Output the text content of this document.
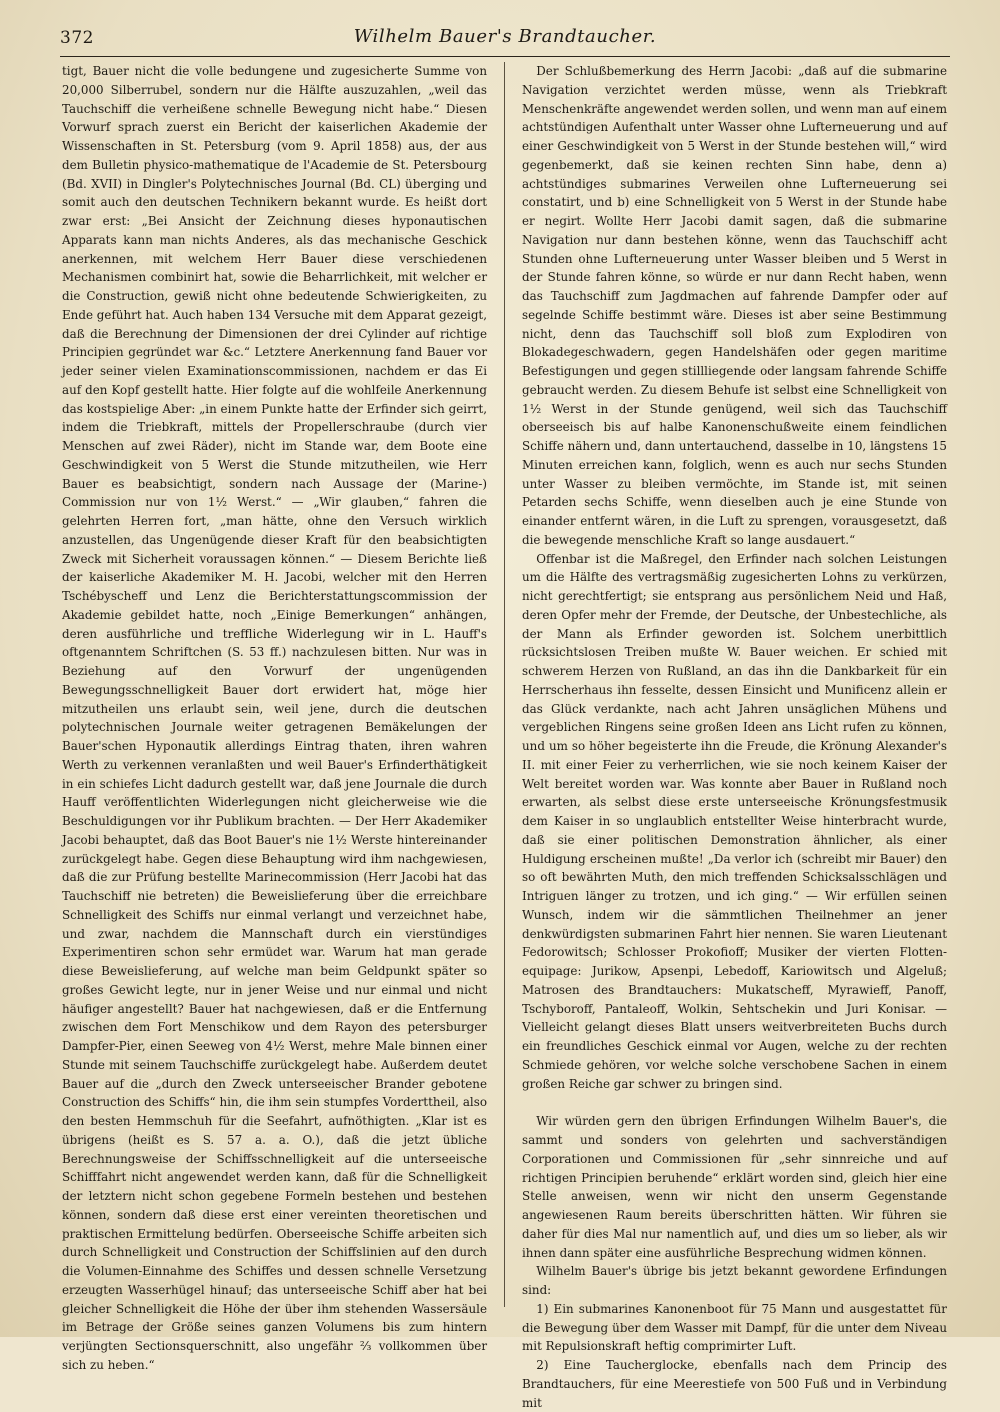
372	Wilhelm Bauer's Brandtaucher.

tigt, Bauer nicht die volle bedungene und zugesicherte Summe von 20,000 Silberrubel, sondern nur die Hälfte auszuzahlen, „weil das Tauchschiff die verheißene schnelle Bewegung nicht habe.“ Diesen Vorwurf sprach zuerst ein Bericht der kaiserlichen Akademie der Wissenschaften in St. Petersburg (vom 9. April 1858) aus, der aus dem Bulletin physico-mathematique de l'Academie de St. Petersbourg (Bd. XVII) in Dingler's Polytechnisches Journal (Bd. CL) überging und somit auch den deutschen Technikern bekannt wurde. Es heißt dort zwar erst: „Bei Ansicht der Zeichnung dieses hyponautischen Apparats kann man nichts Anderes, als das mechanische Geschick anerkennen, mit welchem Herr Bauer diese verschiedenen Mechanismen combinirt hat, sowie die Beharrlichkeit, mit welcher er die Construction, gewiß nicht ohne bedeutende Schwierigkeiten, zu Ende geführt hat. Auch haben 134 Versuche mit dem Apparat gezeigt, daß die Berechnung der Dimensionen der drei Cylinder auf richtige Principien gegründet war &c.“ Letztere Anerkennung fand Bauer vor jeder seiner vielen Examinationscommissionen, nachdem er das Ei auf den Kopf gestellt hatte. Hier folgte auf die wohlfeile Anerkennung das kostspielige Aber: „in einem Punkte hatte der Erfinder sich geirrt, indem die Triebkraft, mittels der Propellerschraube (durch vier Menschen auf zwei Räder), nicht im Stande war, dem Boote eine Geschwindigkeit von 5 Werst die Stunde mitzutheilen, wie Herr Bauer es beabsichtigt, sondern nach Aussage der (Marine-) Commission nur von 1½ Werst.“ — „Wir glauben,“ fahren die gelehrten Herren fort, „man hätte, ohne den Versuch wirklich anzustellen, das Ungenügende dieser Kraft für den beabsichtigten Zweck mit Sicherheit voraussagen können.“ — Diesem Berichte ließ der kaiserliche Akademiker M. H. Jacobi, welcher mit den Herren Tschébyscheff und Lenz die Berichterstattungscommission der Akademie gebildet hatte, noch „Einige Bemerkungen“ anhängen, deren ausführliche und treffliche Widerlegung wir in L. Hauff's oftgenanntem Schriftchen (S. 53 ff.) nachzulesen bitten. Nur was in Beziehung auf den Vorwurf der ungenügenden Bewegungsschnelligkeit Bauer dort erwidert hat, möge hier mitzutheilen uns erlaubt sein, weil jene, durch die deutschen polytechnischen Journale weiter getragenen Bemäkelungen der Bauer'schen Hyponautik allerdings Eintrag thaten, ihren wahren Werth zu verkennen veranlaßten und weil Bauer's Erfinderthätigkeit in ein schiefes Licht dadurch gestellt war, daß jene Journale die durch Hauff veröffentlichten Widerlegungen nicht gleicherweise wie die Beschuldigungen vor ihr Publikum brachten. — Der Herr Akademiker Jacobi behauptet, daß das Boot Bauer's nie 1½ Werste hintereinander zurückgelegt habe. Gegen diese Behauptung wird ihm nachgewiesen, daß die zur Prüfung bestellte Marinecommission (Herr Jacobi hat das Tauchschiff nie betreten) die Beweislieferung über die erreichbare Schnelligkeit des Schiffs nur einmal verlangt und verzeichnet habe, und zwar, nachdem die Mannschaft durch ein vierstündiges Experimentiren schon sehr ermüdet war. Warum hat man gerade diese Beweislieferung, auf welche man beim Geldpunkt später so großes Gewicht legte, nur in jener Weise und nur einmal und nicht häufiger angestellt? Bauer hat nachgewiesen, daß er die Entfernung zwischen dem Fort Menschikow und dem Rayon des petersburger Dampfer-Pier, einen Seeweg von 4½ Werst, mehre Male binnen einer Stunde mit seinem Tauchschiffe zurückgelegt habe. Außerdem deutet Bauer auf die „durch den Zweck unterseeischer Brander gebotene Construction des Schiffs“ hin, die ihm sein stumpfes Vorderttheil, also den besten Hemmschuh für die Seefahrt, aufnöthigten. „Klar ist es übrigens (heißt es S. 57 a. a. O.), daß die jetzt übliche Berechnungsweise der Schiffsschnelligkeit auf die unterseeische Schifffahrt nicht angewendet werden kann, daß für die Schnelligkeit der letztern nicht schon gegebene Formeln bestehen und bestehen können, sondern daß diese erst einer vereinten theoretischen und praktischen Ermittelung bedürfen. Oberseeische Schiffe arbeiten sich durch Schnelligkeit und Construction der Schiffslinien auf den durch die Volumen-Einnahme des Schiffes und dessen schnelle Versetzung erzeugten Wasserhügel hinauf; das unterseeische Schiff aber hat bei gleicher Schnelligkeit die Höhe der über ihm stehenden Wassersäule im Betrage der Größe seines ganzen Volumens bis zum hintern verjüngten Sectionsquerschnitt, also ungefähr ⅔ vollkommen über sich zu heben.“

Der Schlußbemerkung des Herrn Jacobi: „daß auf die submarine Navigation verzichtet werden müsse, wenn als Triebkraft Menschenkräfte angewendet werden sollen, und wenn man auf einem achtstündigen Aufenthalt unter Wasser ohne Lufterneuerung und auf einer Geschwindigkeit von 5 Werst in der Stunde bestehen will,“ wird gegenbemerkt, daß sie keinen rechten Sinn habe, denn a) achtstündiges submarines Verweilen ohne Lufterneuerung sei constatirt, und b) eine Schnelligkeit von 5 Werst in der Stunde habe er negirt. Wollte Herr Jacobi damit sagen, daß die submarine Navigation nur dann bestehen könne, wenn das Tauchschiff acht Stunden ohne Lufterneuerung unter Wasser bleiben und 5 Werst in der Stunde fahren könne, so würde er nur dann Recht haben, wenn das Tauchschiff zum Jagdmachen auf fahrende Dampfer oder auf segelnde Schiffe bestimmt wäre. Dieses ist aber seine Bestimmung nicht, denn das Tauchschiff soll bloß zum Explodiren von Blokadegeschwadern, gegen Handelshäfen oder gegen maritime Befestigungen und gegen stillliegende oder langsam fahrende Schiffe gebraucht werden. Zu diesem Behufe ist selbst eine Schnelligkeit von 1½ Werst in der Stunde genügend, weil sich das Tauchschiff oberseeisch bis auf halbe Kanonenschußweite einem feindlichen Schiffe nähern und, dann untertauchend, dasselbe in 10, längstens 15 Minuten erreichen kann, folglich, wenn es auch nur sechs Stunden unter Wasser zu bleiben vermöchte, im Stande ist, mit seinen Petarden sechs Schiffe, wenn dieselben auch je eine Stunde von einander entfernt wären, in die Luft zu sprengen, vorausgesetzt, daß die bewegende menschliche Kraft so lange ausdauert.“

Offenbar ist die Maßregel, den Erfinder nach solchen Leistungen um die Hälfte des vertragsmäßig zugesicherten Lohns zu verkürzen, nicht gerechtfertigt; sie entsprang aus persönlichem Neid und Haß, deren Opfer mehr der Fremde, der Deutsche, der Unbestechliche, als der Mann als Erfinder geworden ist. Solchem unerbittlich rücksichtslosen Treiben mußte W. Bauer weichen. Er schied mit schwerem Herzen von Rußland, an das ihn die Dankbarkeit für ein Herrscherhaus ihn fesselte, dessen Einsicht und Munificenz allein er das Glück verdankte, nach acht Jahren unsäglichen Mühens und vergeblichen Ringens seine großen Ideen ans Licht rufen zu können, und um so höher begeisterte ihn die Freude, die Krönung Alexander's II. mit einer Feier zu verherrlichen, wie sie noch keinem Kaiser der Welt bereitet worden war. Was konnte aber Bauer in Rußland noch erwarten, als selbst diese erste unterseeische Krönungsfestmusik dem Kaiser in so unglaublich entstellter Weise hinterbracht wurde, daß sie einer politischen Demonstration ähnlicher, als einer Huldigung erscheinen mußte! „Da verlor ich (schreibt mir Bauer) den so oft bewährten Muth, den mich treffenden Schicksalsschlägen und Intriguen länger zu trotzen, und ich ging.“ — Wir erfüllen seinen Wunsch, indem wir die sämmtlichen Theilnehmer an jener denkwürdigsten submarinen Fahrt hier nennen. Sie waren Lieutenant Fedorowitsch; Schlosser Prokofioff; Musiker der vierten Flotten-equipage: Jurikow, Apsenpi, Lebedoff, Kariowitsch und Algeluß; Matrosen des Brandtauchers: Mukatscheff, Myrawieff, Panoff, Tschyboroff, Pantaleoff, Wolkin, Sehtschekin und Juri Konisar. — Vielleicht gelangt dieses Blatt unsers weitverbreiteten Buchs durch ein freundliches Geschick einmal vor Augen, welche zu der rechten Schmiede gehören, vor welche solche verschobene Sachen in einem großen Reiche gar schwer zu bringen sind.

Wir würden gern den übrigen Erfindungen Wilhelm Bauer's, die sammt und sonders von gelehrten und sachverständigen Corporationen und Commissionen für „sehr sinnreiche und auf richtigen Principien beruhende“ erklärt worden sind, gleich hier eine Stelle anweisen, wenn wir nicht den unserm Gegenstande angewiesenen Raum bereits überschritten hätten. Wir führen sie daher für dies Mal nur namentlich auf, und dies um so lieber, als wir ihnen dann später eine ausführliche Besprechung widmen können.

Wilhelm Bauer's übrige bis jetzt bekannt gewordene Erfindungen sind:

1) Ein submarines Kanonenboot für 75 Mann und ausgestattet für die Bewegung über dem Wasser mit Dampf, für die unter dem Niveau mit Repulsionskraft heftig comprimirter Luft.

2) Eine Taucherglocke, ebenfalls nach dem Princip des Brandtauchers, für eine Meerestiefe von 500 Fuß und in Verbindung mit
